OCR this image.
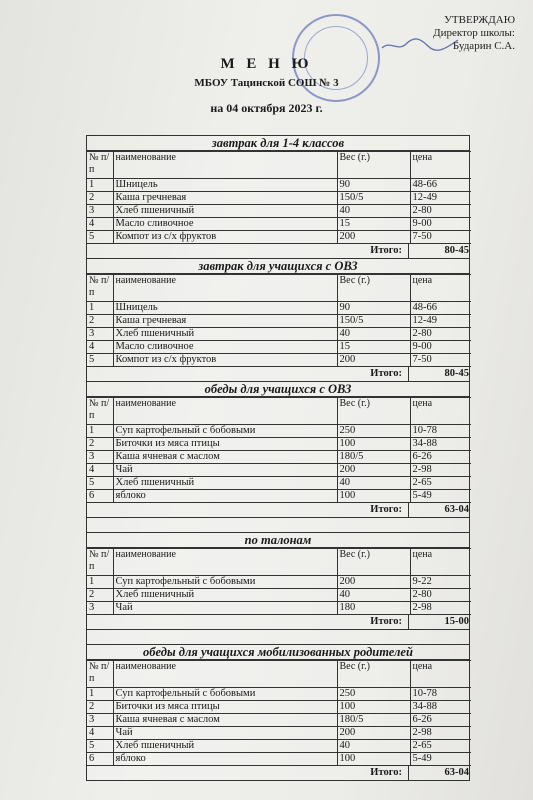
УТВЕРЖДАЮ
Директор школы:
Бударин С.А.
М Е Н Ю
МБОУ Тацинской СОШ № 3
на 04 октября 2023 г.
завтрак для 1-4 классов
№ п/п	наименование	Вес (г.)	цена
1	Шницель	90	48-66
2	Каша гречневая	150/5	12-49
3	Хлеб пшеничный	40	2-80
4	Масло сливочное	15	9-00
5	Компот из с/х фруктов	200	7-50
Итого:	80-45
завтрак для учащихся с ОВЗ
№ п/п	наименование	Вес (г.)	цена
1	Шницель	90	48-66
2	Каша гречневая	150/5	12-49
3	Хлеб пшеничный	40	2-80
4	Масло сливочное	15	9-00
5	Компот из с/х фруктов	200	7-50
Итого:	80-45
обеды для учащихся с ОВЗ
№ п/п	наименование	Вес (г.)	цена
1	Суп картофельный с бобовыми	250	10-78
2	Биточки из мяса птицы	100	34-88
3	Каша ячневая с маслом	180/5	6-26
4	Чай	200	2-98
5	Хлеб пшеничный	40	2-65
6	яблоко	100	5-49
Итого:	63-04
по талонам
№ п/п	наименование	Вес (г.)	цена
1	Суп картофельный с бобовыми	200	9-22
2	Хлеб пшеничный	40	2-80
3	Чай	180	2-98
Итого:	15-00
обеды для учащихся мобилизованных родителей
№ п/п	наименование	Вес (г.)	цена
1	Суп картофельный с бобовыми	250	10-78
2	Биточки из мяса птицы	100	34-88
3	Каша ячневая с маслом	180/5	6-26
4	Чай	200	2-98
5	Хлеб пшеничный	40	2-65
6	яблоко	100	5-49
Итого:	63-04
